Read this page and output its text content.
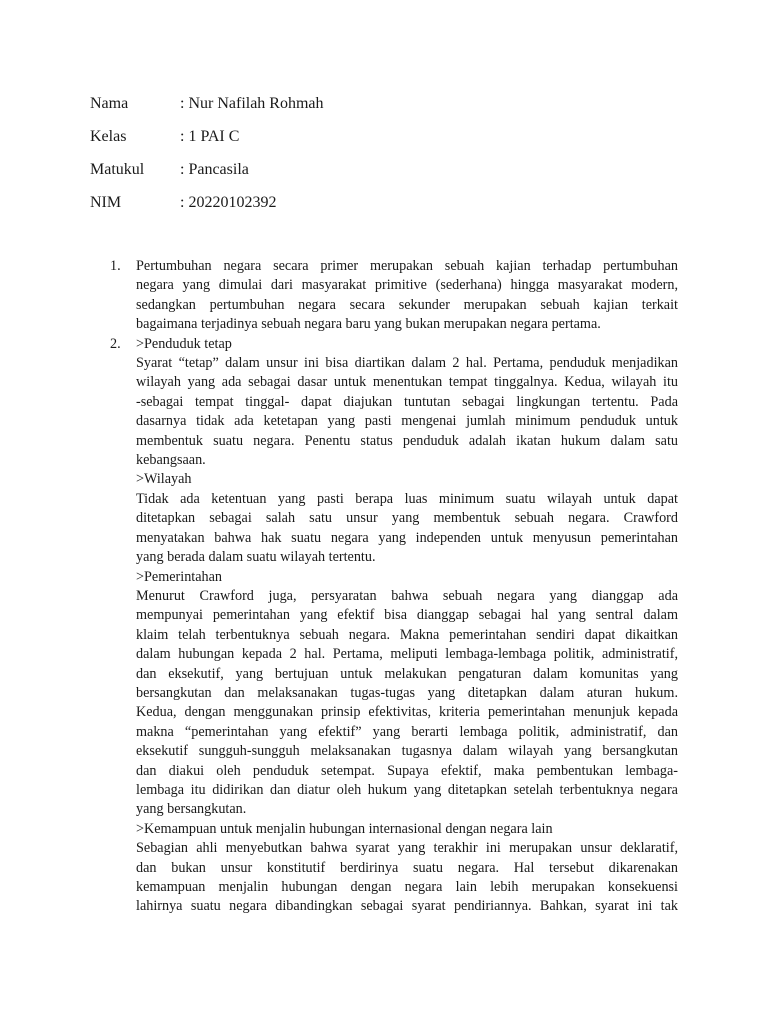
Nama	: Nur Nafilah Rohmah
Kelas	: 1 PAI C
Matukul	: Pancasila
NIM	: 20220102392
1.	Pertumbuhan negara secara primer merupakan sebuah kajian terhadap pertumbuhan
negara yang dimulai dari masyarakat primitive (sederhana) hingga masyarakat modern,
sedangkan pertumbuhan negara secara sekunder merupakan sebuah kajian terkait
bagaimana terjadinya sebuah negara baru yang bukan merupakan negara pertama.
2.	>Penduduk tetap
Syarat “tetap” dalam unsur ini bisa diartikan dalam 2 hal. Pertama, penduduk menjadikan
wilayah yang ada sebagai dasar untuk menentukan tempat tinggalnya. Kedua, wilayah itu
-sebagai tempat tinggal- dapat diajukan tuntutan sebagai lingkungan tertentu. Pada
dasarnya tidak ada ketetapan yang pasti mengenai jumlah minimum penduduk untuk
membentuk suatu negara. Penentu status penduduk adalah ikatan hukum dalam satu
kebangsaan.
>Wilayah
Tidak ada ketentuan yang pasti berapa luas minimum suatu wilayah untuk dapat
ditetapkan sebagai salah satu unsur yang membentuk sebuah negara. Crawford
menyatakan bahwa hak suatu negara yang independen untuk menyusun pemerintahan
yang berada dalam suatu wilayah tertentu.
>Pemerintahan
Menurut Crawford juga, persyaratan bahwa sebuah negara yang dianggap ada
mempunyai pemerintahan yang efektif bisa dianggap sebagai hal yang sentral dalam
klaim telah terbentuknya sebuah negara. Makna pemerintahan sendiri dapat dikaitkan
dalam hubungan kepada 2 hal. Pertama, meliputi lembaga-lembaga politik, administratif,
dan eksekutif, yang bertujuan untuk melakukan pengaturan dalam komunitas yang
bersangkutan dan melaksanakan tugas-tugas yang ditetapkan dalam aturan hukum.
Kedua, dengan menggunakan prinsip efektivitas, kriteria pemerintahan menunjuk kepada
makna “pemerintahan yang efektif” yang berarti lembaga politik, administratif, dan
eksekutif sungguh-sungguh melaksanakan tugasnya dalam wilayah yang bersangkutan
dan diakui oleh penduduk setempat. Supaya efektif, maka pembentukan lembaga-
lembaga itu didirikan dan diatur oleh hukum yang ditetapkan setelah terbentuknya negara
yang bersangkutan.
>Kemampuan untuk menjalin hubungan internasional dengan negara lain
Sebagian ahli menyebutkan bahwa syarat yang terakhir ini merupakan unsur deklaratif,
dan bukan unsur konstitutif berdirinya suatu negara. Hal tersebut dikarenakan
kemampuan menjalin hubungan dengan negara lain lebih merupakan konsekuensi
lahirnya suatu negara dibandingkan sebagai syarat pendiriannya. Bahkan, syarat ini tak
